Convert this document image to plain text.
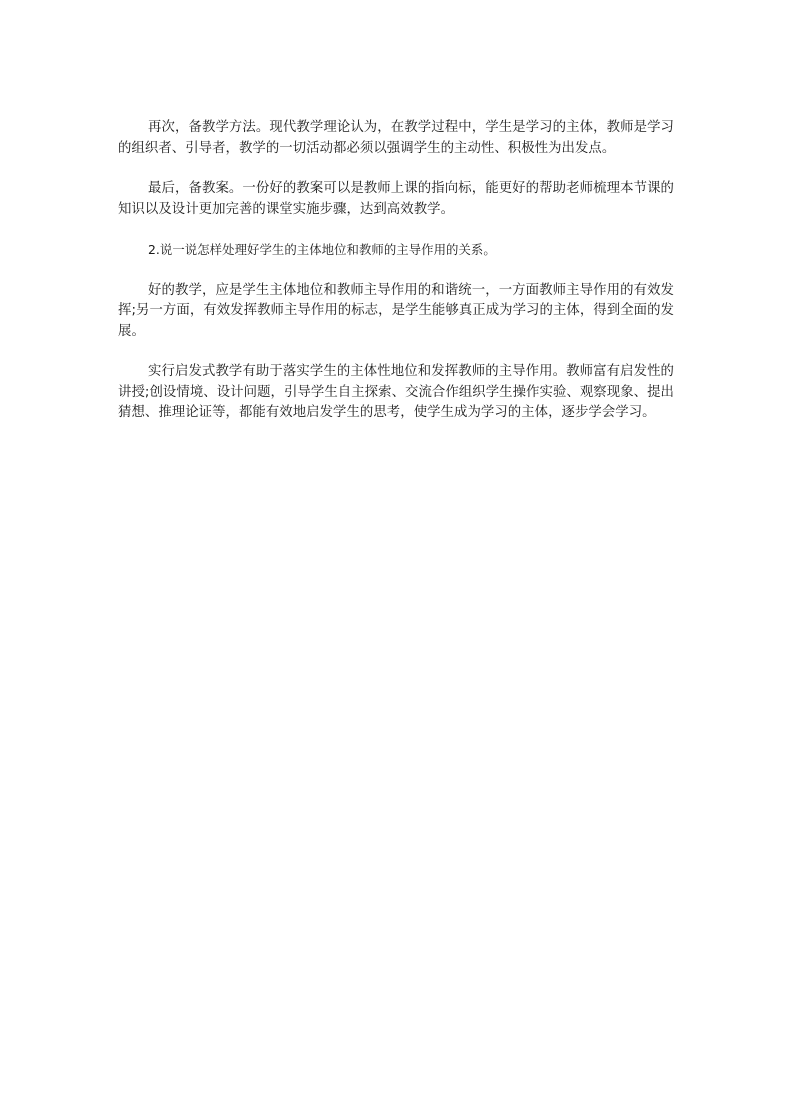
再次，备教学方法。现代教学理论认为，在教学过程中，学生是学习的主体，教师是学习的组织者、引导者，教学的一切活动都必须以强调学生的主动性、积极性为出发点。

最后，备教案。一份好的教案可以是教师上课的指向标，能更好的帮助老师梳理本节课的知识以及设计更加完善的课堂实施步骤，达到高效教学。

2.说一说怎样处理好学生的主体地位和教师的主导作用的关系。

好的教学，应是学生主体地位和教师主导作用的和谐统一，一方面教师主导作用的有效发挥;另一方面，有效发挥教师主导作用的标志，是学生能够真正成为学习的主体，得到全面的发展。

实行启发式教学有助于落实学生的主体性地位和发挥教师的主导作用。教师富有启发性的讲授;创设情境、设计问题，引导学生自主探索、交流合作组织学生操作实验、观察现象、提出猜想、推理论证等，都能有效地启发学生的思考，使学生成为学习的主体，逐步学会学习。
